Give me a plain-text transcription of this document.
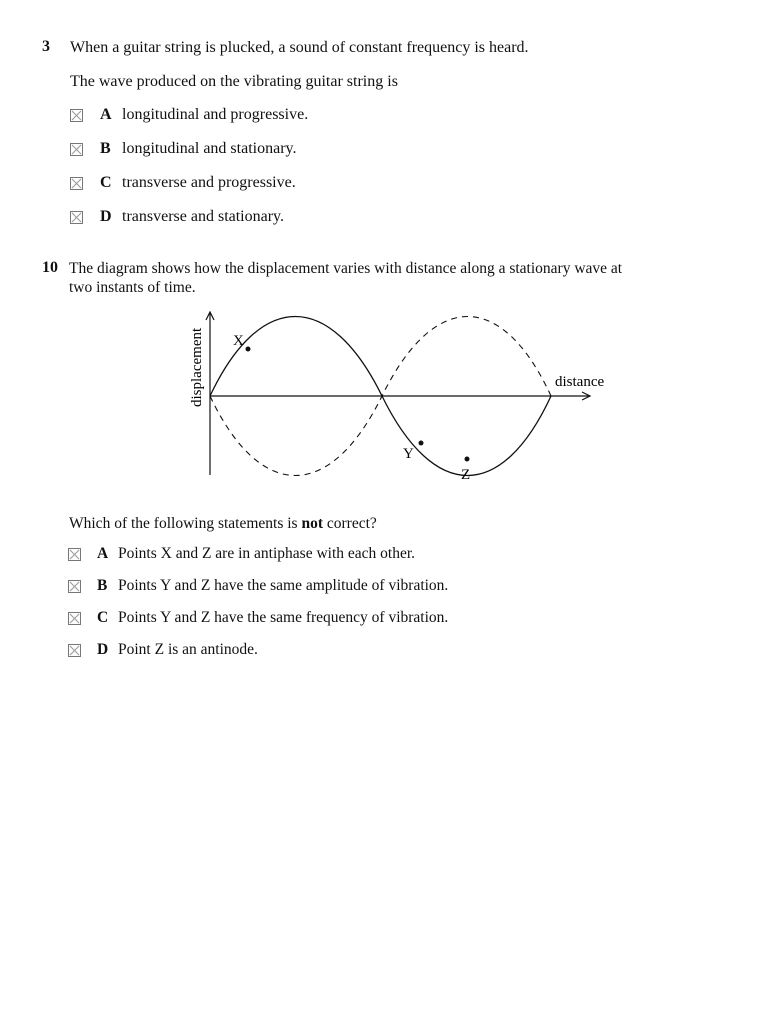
3 When a guitar string is plucked, a sound of constant frequency is heard.
The wave produced on the vibrating guitar string is
A longitudinal and progressive.
B longitudinal and stationary.
C transverse and progressive.
D transverse and stationary.
10 The diagram shows how the displacement varies with distance along a stationary wave at
two instants of time.
X
Y
Z
distance
displacement
Which of the following statements is not correct?
A Points X and Z are in antiphase with each other.
B Points Y and Z have the same amplitude of vibration.
C Points Y and Z have the same frequency of vibration.
D Point Z is an antinode.
